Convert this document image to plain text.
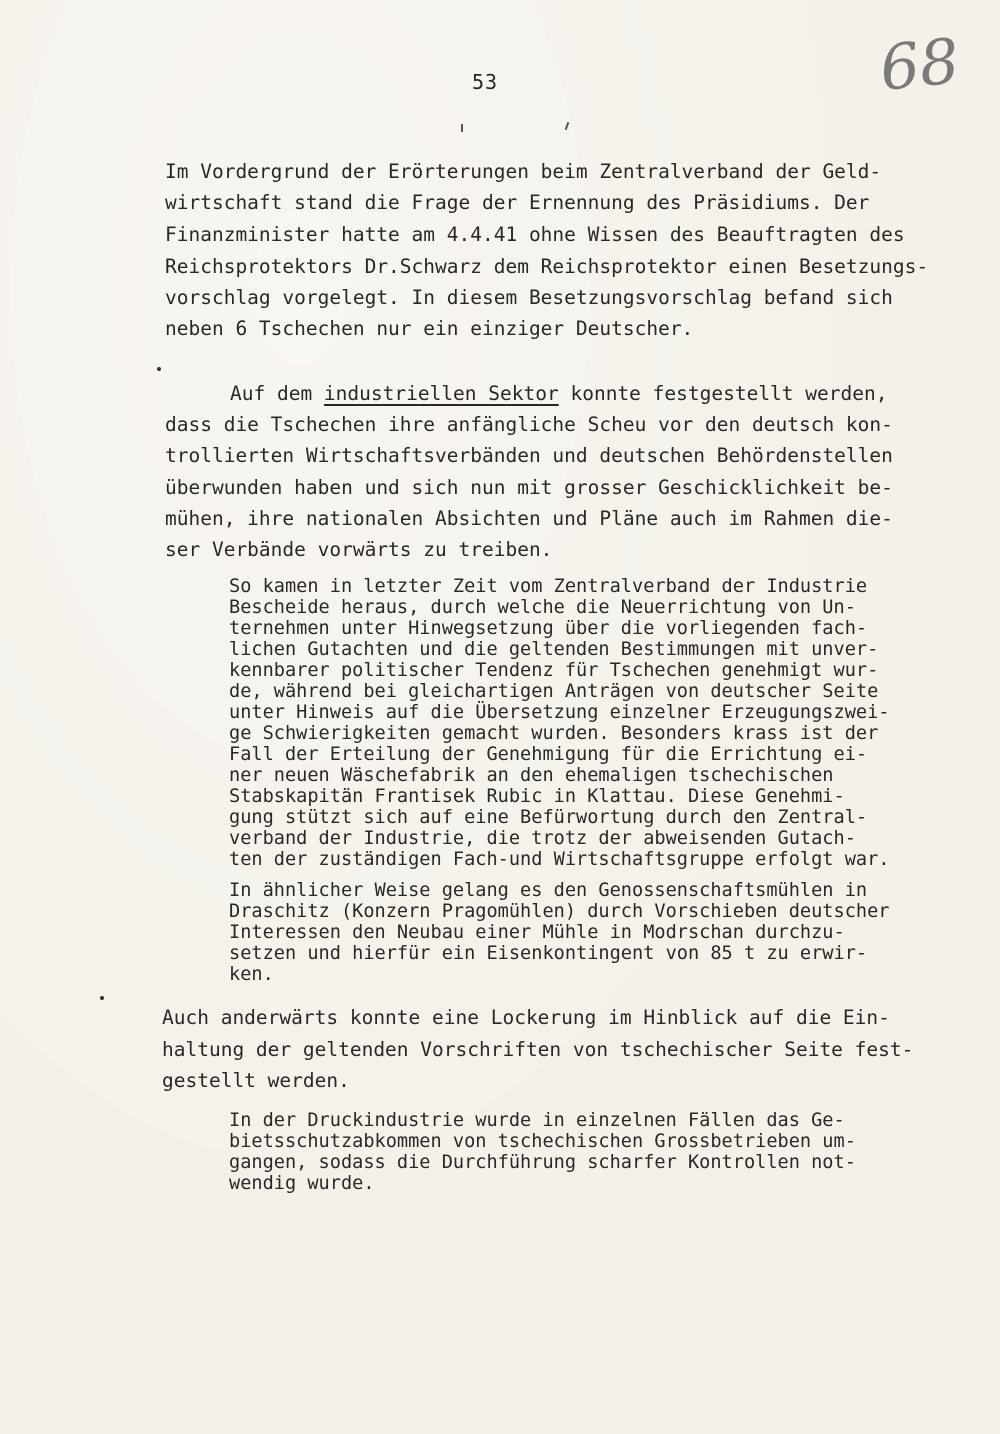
53	68
Im Vordergrund der Erörterungen beim Zentralverband der Geld-
wirtschaft stand die Frage der Ernennung des Präsidiums. Der
Finanzminister hatte am 4.4.41 ohne Wissen des Beauftragten des
Reichsprotektors Dr.Schwarz dem Reichsprotektor einen Besetzungs-
vorschlag vorgelegt. In diesem Besetzungsvorschlag befand sich
neben 6 Tschechen nur ein einziger Deutscher.
Auf dem industriellen Sektor konnte festgestellt werden,
dass die Tschechen ihre anfängliche Scheu vor den deutsch kon-
trollierten Wirtschaftsverbänden und deutschen Behördenstellen
überwunden haben und sich nun mit grosser Geschicklichkeit be-
mühen, ihre nationalen Absichten und Pläne auch im Rahmen die-
ser Verbände vorwärts zu treiben.
So kamen in letzter Zeit vom Zentralverband der Industrie
Bescheide heraus, durch welche die Neuerrichtung von Un-
ternehmen unter Hinwegsetzung über die vorliegenden fach-
lichen Gutachten und die geltenden Bestimmungen mit unver-
kennbarer politischer Tendenz für Tschechen genehmigt wur-
de, während bei gleichartigen Anträgen von deutscher Seite
unter Hinweis auf die Übersetzung einzelner Erzeugungszwei-
ge Schwierigkeiten gemacht wurden. Besonders krass ist der
Fall der Erteilung der Genehmigung für die Errichtung ei-
ner neuen Wäschefabrik an den ehemaligen tschechischen
Stabskapitän Frantisek Rubic in Klattau. Diese Genehmi-
gung stützt sich auf eine Befürwortung durch den Zentral-
verband der Industrie, die trotz der abweisenden Gutach-
ten der zuständigen Fach-und Wirtschaftsgruppe erfolgt war.
In ähnlicher Weise gelang es den Genossenschaftsmühlen in
Draschitz (Konzern Pragomühlen) durch Vorschieben deutscher
Interessen den Neubau einer Mühle in Modrschan durchzu-
setzen und hierfür ein Eisenkontingent von 85 t zu erwir-
ken.
Auch anderwärts konnte eine Lockerung im Hinblick auf die Ein-
haltung der geltenden Vorschriften von tschechischer Seite fest-
gestellt werden.
In der Druckindustrie wurde in einzelnen Fällen das Ge-
bietsschutzabkommen von tschechischen Grossbetrieben um-
gangen, sodass die Durchführung scharfer Kontrollen not-
wendig wurde.
